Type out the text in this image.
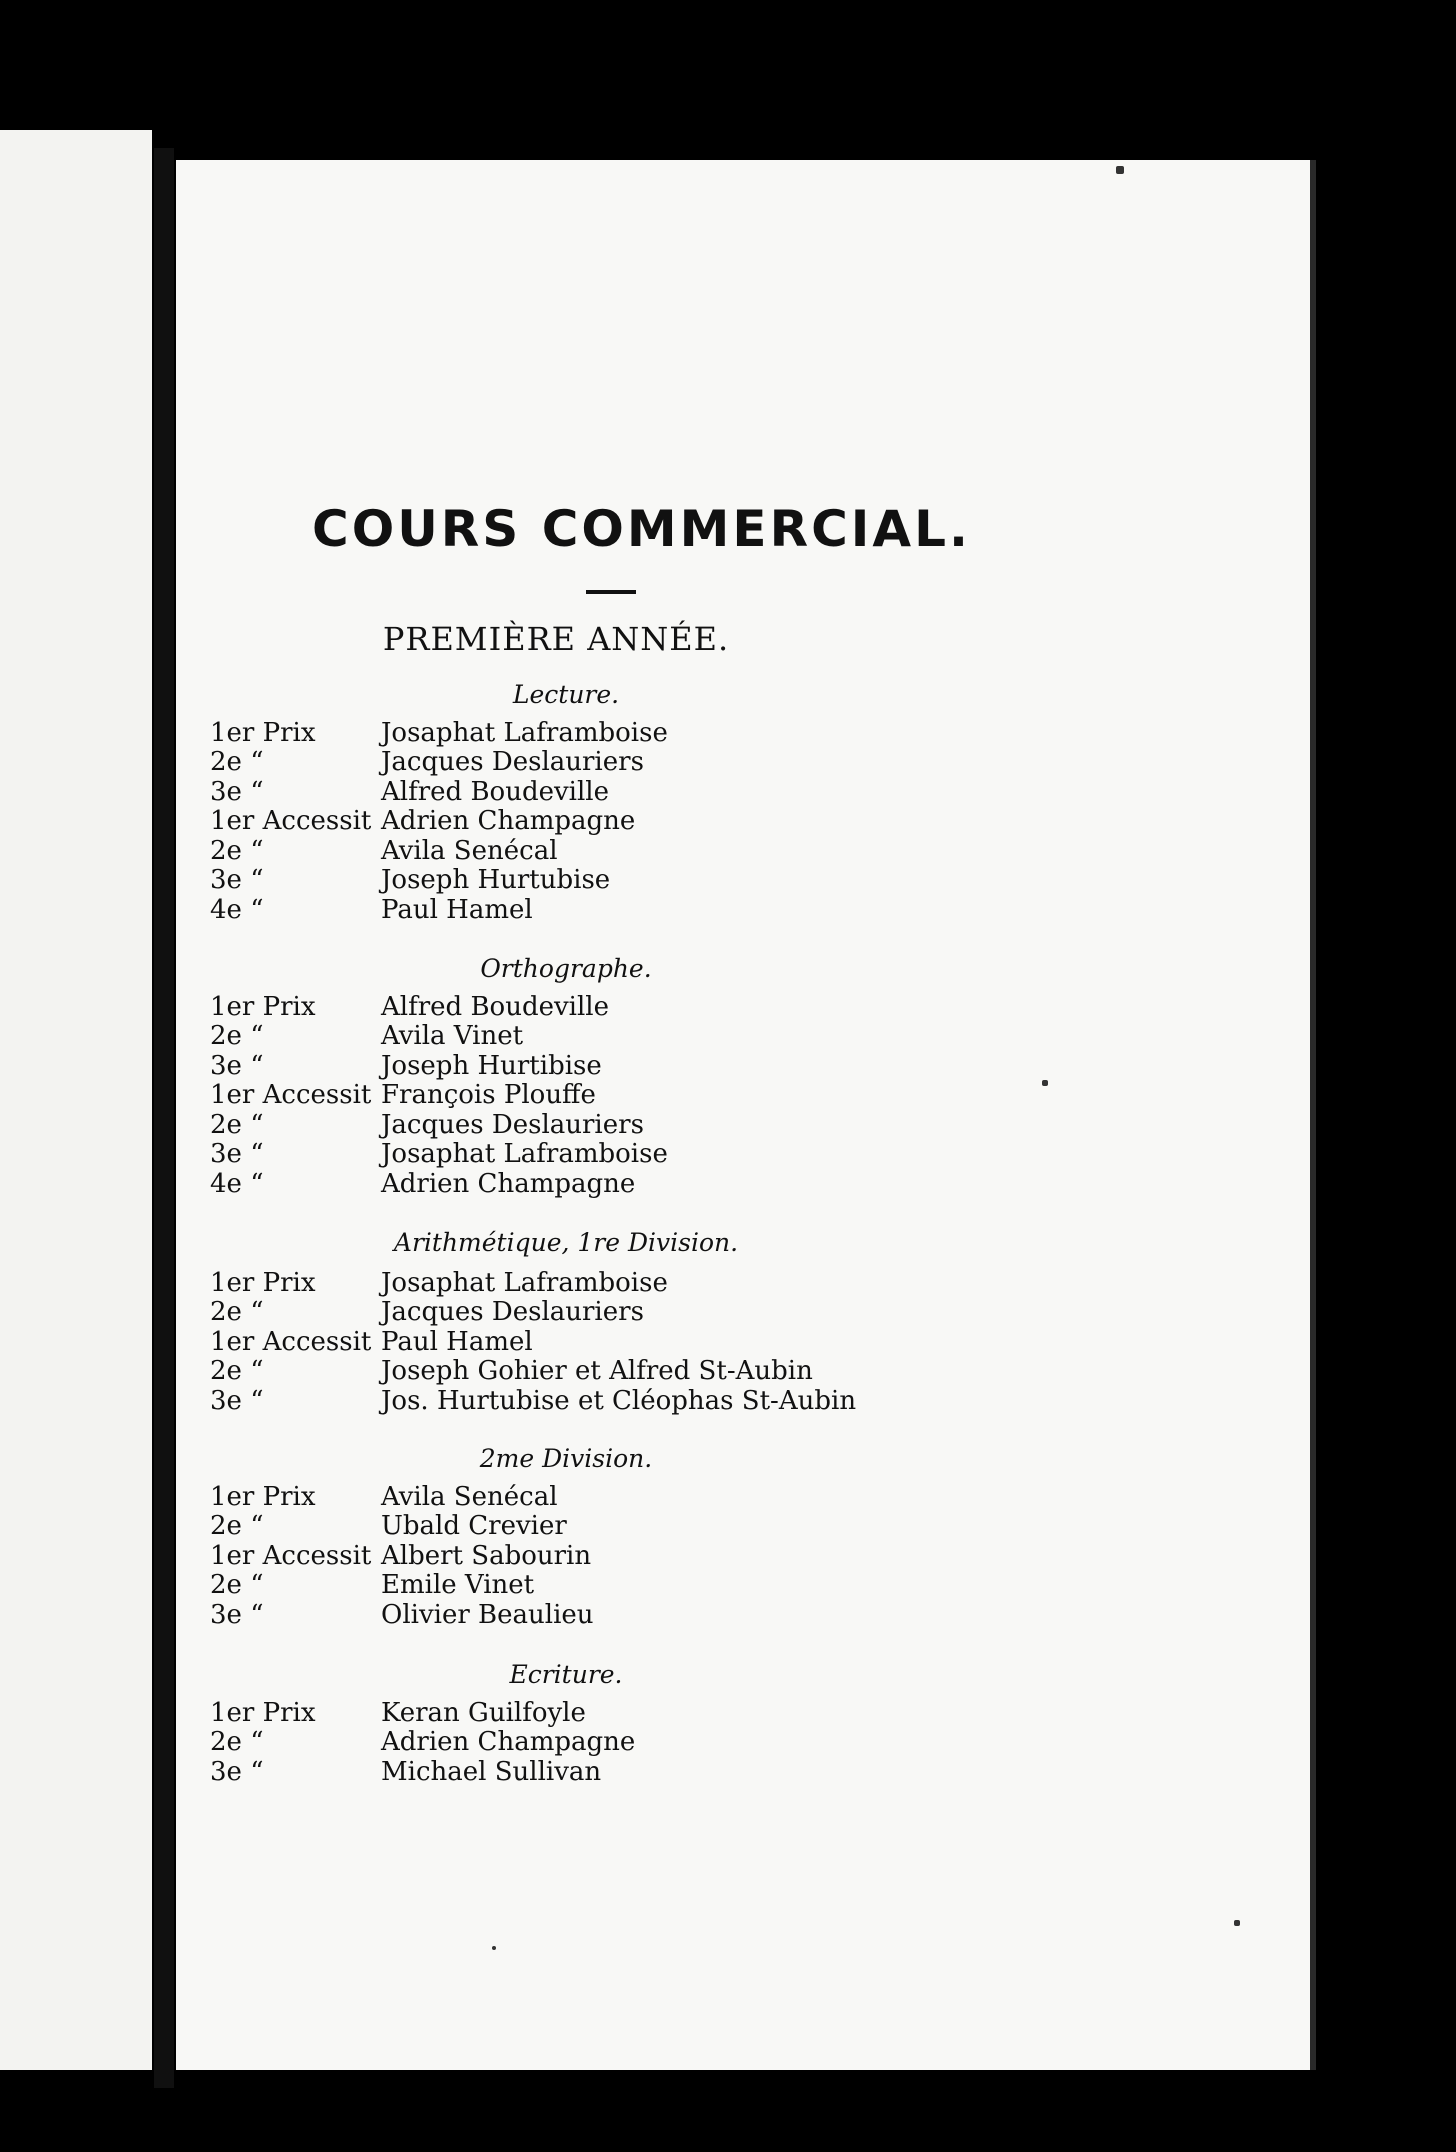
COURS COMMERCIAL.
PREMIÈRE ANNÉE.
Lecture.
1er Prix	Josaphat Laframboise
2e “	Jacques Deslauriers
3e “	Alfred Boudeville
1er Accessit Adrien Champagne
2e “	Avila Senécal
3e “	Joseph Hurtubise
4e “	Paul Hamel
Orthographe.
1er Prix	Alfred Boudeville
2e “	Avila Vinet
3e “	Joseph Hurtibise
1er Accessit François Plouffe
2e “	Jacques Deslauriers
3e “	Josaphat Laframboise
4e “	Adrien Champagne
Arithmétique, 1re Division.
1er Prix	Josaphat Laframboise
2e “	Jacques Deslauriers
1er Accessit Paul Hamel
2e “	Joseph Gohier et Alfred St-Aubin
3e “	Jos. Hurtubise et Cléophas St-Aubin
2me Division.
1er Prix	Avila Senécal
2e “	Ubald Crevier
1er Accessit Albert Sabourin
2e “	Emile Vinet
3e “	Olivier Beaulieu
Ecriture.
1er Prix	Keran Guilfoyle
2e “	Adrien Champagne
3e “	Michael Sullivan
